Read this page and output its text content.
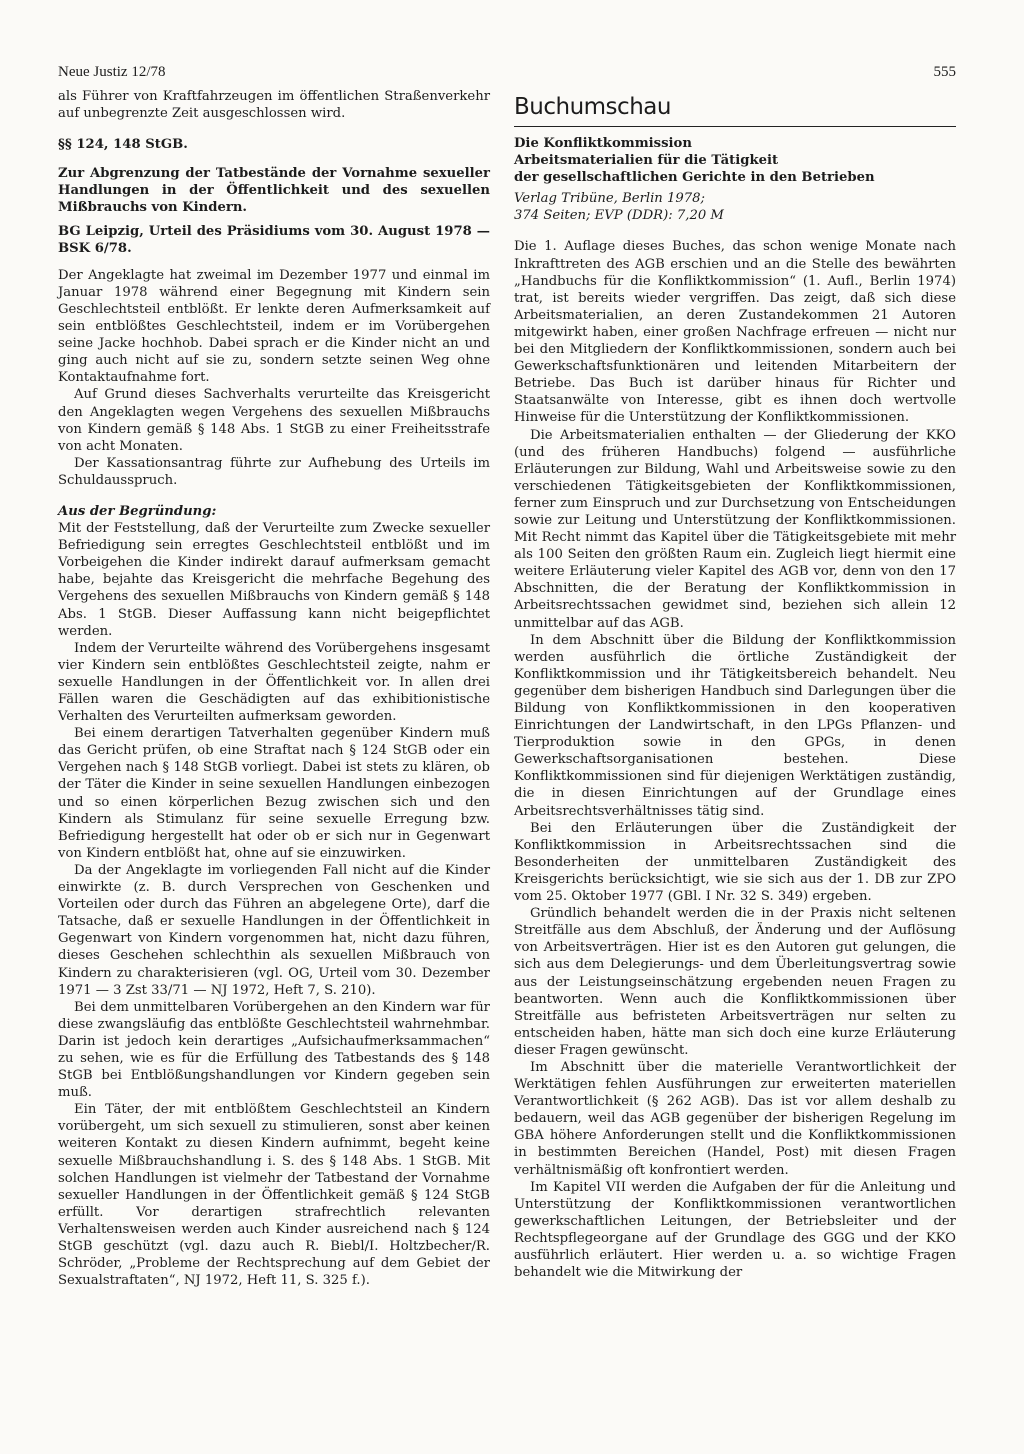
Neue Justiz 12/78	555

als Führer von Kraftfahrzeugen im öffentlichen Straßenverkehr auf unbegrenzte Zeit ausgeschlossen wird.

§§ 124, 148 StGB.

Zur Abgrenzung der Tatbestände der Vornahme sexueller Handlungen in der Öffentlichkeit und des sexuellen Mißbrauchs von Kindern.

BG Leipzig, Urteil des Präsidiums vom 30. August 1978 — BSK 6/78.

Der Angeklagte hat zweimal im Dezember 1977 und einmal im Januar 1978 während einer Begegnung mit Kindern sein Geschlechtsteil entblößt. Er lenkte deren Aufmerksamkeit auf sein entblößtes Geschlechtsteil, indem er im Vorübergehen seine Jacke hochhob. Dabei sprach er die Kinder nicht an und ging auch nicht auf sie zu, sondern setzte seinen Weg ohne Kontaktaufnahme fort.

Auf Grund dieses Sachverhalts verurteilte das Kreisgericht den Angeklagten wegen Vergehens des sexuellen Mißbrauchs von Kindern gemäß § 148 Abs. 1 StGB zu einer Freiheitsstrafe von acht Monaten.

Der Kassationsantrag führte zur Aufhebung des Urteils im Schuldausspruch.

Aus der Begründung:

Mit der Feststellung, daß der Verurteilte zum Zwecke sexueller Befriedigung sein erregtes Geschlechtsteil entblößt und im Vorbeigehen die Kinder indirekt darauf aufmerksam gemacht habe, bejahte das Kreisgericht die mehrfache Begehung des Vergehens des sexuellen Mißbrauchs von Kindern gemäß § 148 Abs. 1 StGB. Dieser Auffassung kann nicht beigepflichtet werden.

Indem der Verurteilte während des Vorübergehens insgesamt vier Kindern sein entblößtes Geschlechtsteil zeigte, nahm er sexuelle Handlungen in der Öffentlichkeit vor. In allen drei Fällen waren die Geschädigten auf das exhibitionistische Verhalten des Verurteilten aufmerksam geworden.

Bei einem derartigen Tatverhalten gegenüber Kindern muß das Gericht prüfen, ob eine Straftat nach § 124 StGB oder ein Vergehen nach § 148 StGB vorliegt. Dabei ist stets zu klären, ob der Täter die Kinder in seine sexuellen Handlungen einbezogen und so einen körperlichen Bezug zwischen sich und den Kindern als Stimulanz für seine sexuelle Erregung bzw. Befriedigung hergestellt hat oder ob er sich nur in Gegenwart von Kindern entblößt hat, ohne auf sie einzuwirken.

Da der Angeklagte im vorliegenden Fall nicht auf die Kinder einwirkte (z. B. durch Versprechen von Geschenken und Vorteilen oder durch das Führen an abgelegene Orte), darf die Tatsache, daß er sexuelle Handlungen in der Öffentlichkeit in Gegenwart von Kindern vorgenommen hat, nicht dazu führen, dieses Geschehen schlechthin als sexuellen Mißbrauch von Kindern zu charakterisieren (vgl. OG, Urteil vom 30. Dezember 1971 — 3 Zst 33/71 — NJ 1972, Heft 7, S. 210).

Bei dem unmittelbaren Vorübergehen an den Kindern war für diese zwangsläufig das entblößte Geschlechtsteil wahrnehmbar. Darin ist jedoch kein derartiges „Aufsichaufmerksammachen“ zu sehen, wie es für die Erfüllung des Tatbestands des § 148 StGB bei Entblößungshandlungen vor Kindern gegeben sein muß.

Ein Täter, der mit entblößtem Geschlechtsteil an Kindern vorübergeht, um sich sexuell zu stimulieren, sonst aber keinen weiteren Kontakt zu diesen Kindern aufnimmt, begeht keine sexuelle Mißbrauchshandlung i. S. des § 148 Abs. 1 StGB. Mit solchen Handlungen ist vielmehr der Tatbestand der Vornahme sexueller Handlungen in der Öffentlichkeit gemäß § 124 StGB erfüllt. Vor derartigen strafrechtlich relevanten Verhaltensweisen werden auch Kinder ausreichend nach § 124 StGB geschützt (vgl. dazu auch R. Biebl/I. Holtzbecher/R. Schröder, „Probleme der Rechtsprechung auf dem Gebiet der Sexualstraftaten“, NJ 1972, Heft 11, S. 325 f.).

Buchumschau

Die Konfliktkommission
Arbeitsmaterialien für die Tätigkeit
der gesellschaftlichen Gerichte in den Betrieben

Verlag Tribüne, Berlin 1978;
374 Seiten; EVP (DDR): 7,20 M

Die 1. Auflage dieses Buches, das schon wenige Monate nach Inkrafttreten des AGB erschien und an die Stelle des bewährten „Handbuchs für die Konfliktkommission“ (1. Aufl., Berlin 1974) trat, ist bereits wieder vergriffen. Das zeigt, daß sich diese Arbeitsmaterialien, an deren Zustandekommen 21 Autoren mitgewirkt haben, einer großen Nachfrage erfreuen — nicht nur bei den Mitgliedern der Konfliktkommissionen, sondern auch bei Gewerkschaftsfunktionären und leitenden Mitarbeitern der Betriebe. Das Buch ist darüber hinaus für Richter und Staatsanwälte von Interesse, gibt es ihnen doch wertvolle Hinweise für die Unterstützung der Konfliktkommissionen.

Die Arbeitsmaterialien enthalten — der Gliederung der KKO (und des früheren Handbuchs) folgend — ausführliche Erläuterungen zur Bildung, Wahl und Arbeitsweise sowie zu den verschiedenen Tätigkeitsgebieten der Konfliktkommissionen, ferner zum Einspruch und zur Durchsetzung von Entscheidungen sowie zur Leitung und Unterstützung der Konfliktkommissionen. Mit Recht nimmt das Kapitel über die Tätigkeitsgebiete mit mehr als 100 Seiten den größten Raum ein. Zugleich liegt hiermit eine weitere Erläuterung vieler Kapitel des AGB vor, denn von den 17 Abschnitten, die der Beratung der Konfliktkommission in Arbeitsrechtssachen gewidmet sind, beziehen sich allein 12 unmittelbar auf das AGB.

In dem Abschnitt über die Bildung der Konfliktkommission werden ausführlich die örtliche Zuständigkeit der Konfliktkommission und ihr Tätigkeitsbereich behandelt. Neu gegenüber dem bisherigen Handbuch sind Darlegungen über die Bildung von Konfliktkommissionen in den kooperativen Einrichtungen der Landwirtschaft, in den LPGs Pflanzen- und Tierproduktion sowie in den GPGs, in denen Gewerkschaftsorganisationen bestehen. Diese Konfliktkommissionen sind für diejenigen Werktätigen zuständig, die in diesen Einrichtungen auf der Grundlage eines Arbeitsrechtsverhältnisses tätig sind.

Bei den Erläuterungen über die Zuständigkeit der Konfliktkommission in Arbeitsrechtssachen sind die Besonderheiten der unmittelbaren Zuständigkeit des Kreisgerichts berücksichtigt, wie sie sich aus der 1. DB zur ZPO vom 25. Oktober 1977 (GBl. I Nr. 32 S. 349) ergeben.

Gründlich behandelt werden die in der Praxis nicht seltenen Streitfälle aus dem Abschluß, der Änderung und der Auflösung von Arbeitsverträgen. Hier ist es den Autoren gut gelungen, die sich aus dem Delegierungs- und dem Überleitungsvertrag sowie aus der Leistungseinschätzung ergebenden neuen Fragen zu beantworten. Wenn auch die Konfliktkommissionen über Streitfälle aus befristeten Arbeitsverträgen nur selten zu entscheiden haben, hätte man sich doch eine kurze Erläuterung dieser Fragen gewünscht.

Im Abschnitt über die materielle Verantwortlichkeit der Werktätigen fehlen Ausführungen zur erweiterten materiellen Verantwortlichkeit (§ 262 AGB). Das ist vor allem deshalb zu bedauern, weil das AGB gegenüber der bisherigen Regelung im GBA höhere Anforderungen stellt und die Konfliktkommissionen in bestimmten Bereichen (Handel, Post) mit diesen Fragen verhältnismäßig oft konfrontiert werden.

Im Kapitel VII werden die Aufgaben der für die Anleitung und Unterstützung der Konfliktkommissionen verantwortlichen gewerkschaftlichen Leitungen, der Betriebsleiter und der Rechtspflegeorgane auf der Grundlage des GGG und der KKO ausführlich erläutert. Hier werden u. a. so wichtige Fragen behandelt wie die Mitwirkung der
